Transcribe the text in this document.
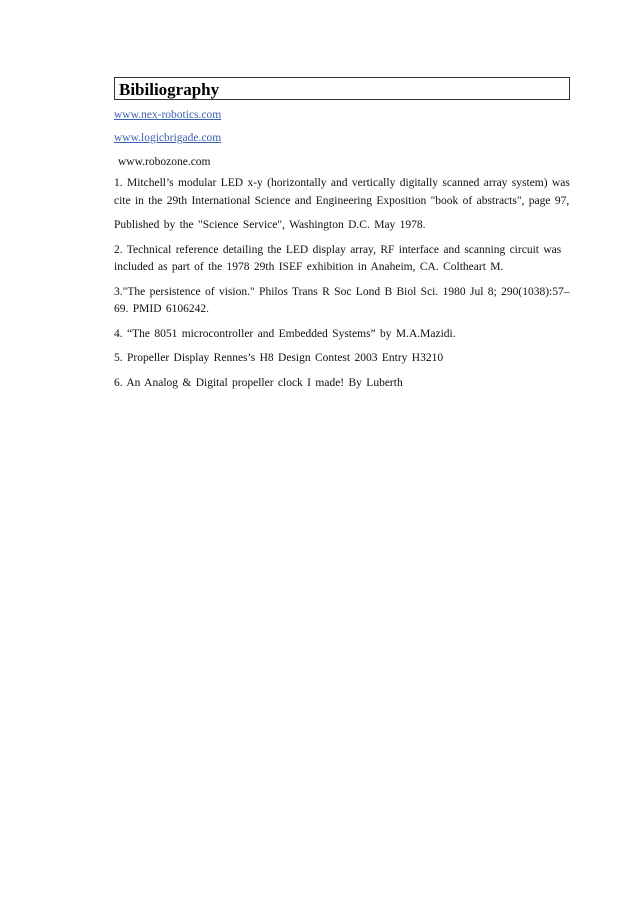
Bibiliography
www.nex-robotics.com
www.logicbrigade.com
www.robozone.com
1. Mitchell’s modular LED x-y (horizontally and vertically digitally scanned array system) was cite in the 29th International Science and Engineering Exposition "book of abstracts", page 97,
Published by the "Science Service", Washington D.C. May 1978.
2. Technical reference detailing the LED display array, RF interface and scanning circuit was included as part of the 1978 29th ISEF exhibition in Anaheim, CA. Coltheart M.
3."The persistence of vision." Philos Trans R Soc Lond B Biol Sci. 1980 Jul 8; 290(1038):57–69. PMID 6106242.
4. “The 8051 microcontroller and Embedded Systems” by M.A.Mazidi.
5. Propeller Display Rennes’s H8 Design Contest 2003 Entry H3210
6. An Analog & Digital propeller clock I made! By Luberth
